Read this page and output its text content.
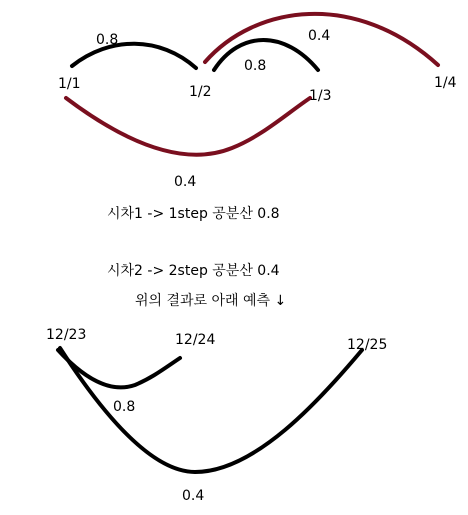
1/1	1/2	1/3
1/4
0.8
0.8
0.4
0.4
시차1 -> 1step 공분산 0.8
시차2 -> 2step 공분산 0.4
위의 결과로 아래 예측 ↓
12/23	12/24	12/25
0.8
0.4
